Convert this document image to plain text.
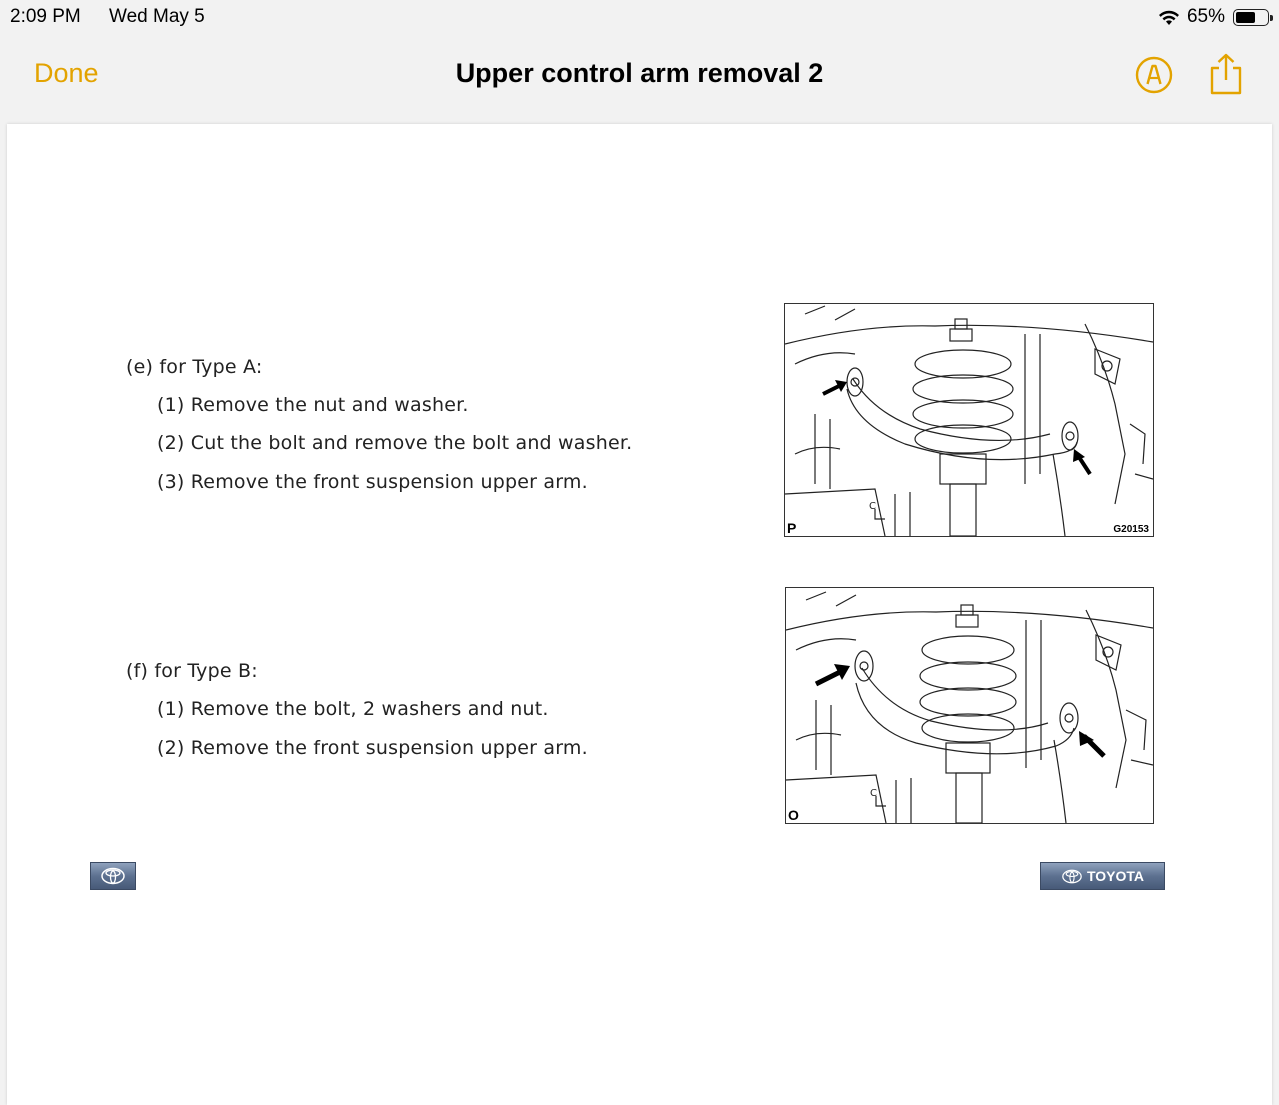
2:09 PM Wed May 5	65%
Done	Upper control arm removal 2
(e) for Type A:
(1) Remove the nut and washer.
(2) Cut the bolt and remove the bolt and washer.
(3) Remove the front suspension upper arm.
C
P	G20153
(f) for Type B:
(1) Remove the bolt, 2 washers and nut.
(2) Remove the front suspension upper arm.
C
O
TOYOTA
